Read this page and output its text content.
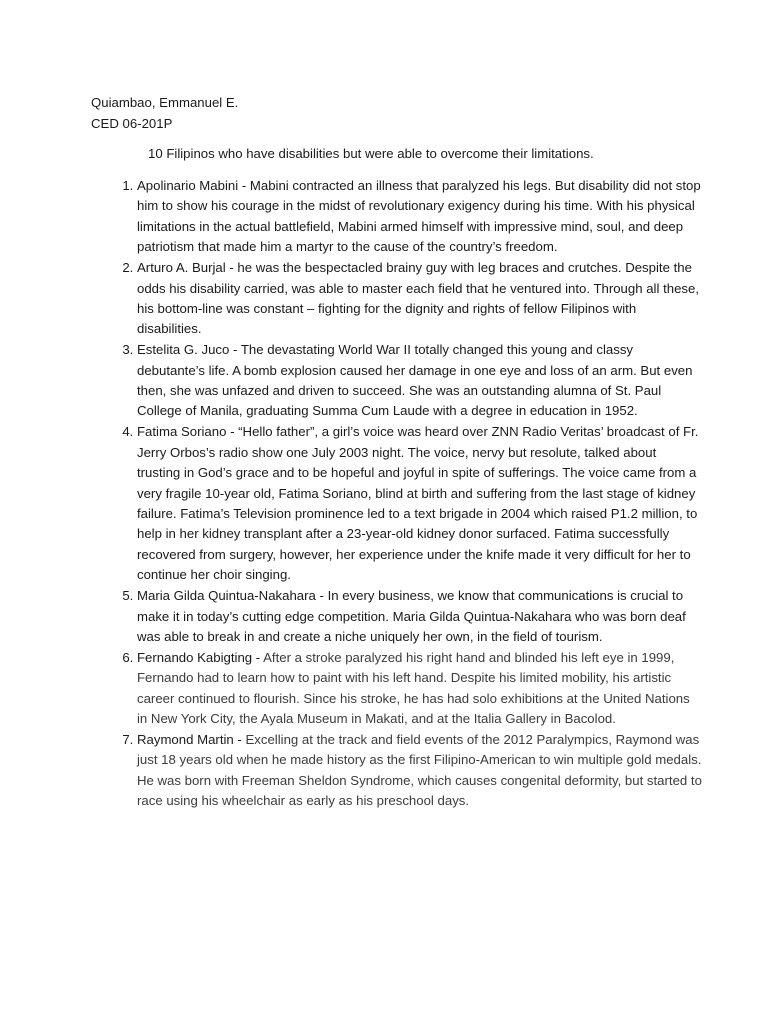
Quiambao, Emmanuel E.
CED 06-201P
10 Filipinos who have disabilities but were able to overcome their limitations.
1. Apolinario Mabini - Mabini contracted an illness that paralyzed his legs. But disability did not stop him to show his courage in the midst of revolutionary exigency during his time. With his physical limitations in the actual battlefield, Mabini armed himself with impressive mind, soul, and deep patriotism that made him a martyr to the cause of the country’s freedom.
2. Arturo A. Burjal - he was the bespectacled brainy guy with leg braces and crutches. Despite the odds his disability carried, was able to master each field that he ventured into. Through all these, his bottom-line was constant – fighting for the dignity and rights of fellow Filipinos with disabilities.
3. Estelita G. Juco - The devastating World War II totally changed this young and classy debutante’s life. A bomb explosion caused her damage in one eye and loss of an arm. But even then, she was unfazed and driven to succeed. She was an outstanding alumna of St. Paul College of Manila, graduating Summa Cum Laude with a degree in education in 1952.
4. Fatima Soriano - “Hello father”, a girl’s voice was heard over ZNN Radio Veritas’ broadcast of Fr. Jerry Orbos’s radio show one July 2003 night. The voice, nervy but resolute, talked about trusting in God’s grace and to be hopeful and joyful in spite of sufferings. The voice came from a very fragile 10-year old, Fatima Soriano, blind at birth and suffering from the last stage of kidney failure. Fatima’s Television prominence led to a text brigade in 2004 which raised P1.2 million, to help in her kidney transplant after a 23-year-old kidney donor surfaced. Fatima successfully recovered from surgery, however, her experience under the knife made it very difficult for her to continue her choir singing.
5. Maria Gilda Quintua-Nakahara - In every business, we know that communications is crucial to make it in today’s cutting edge competition. Maria Gilda Quintua-Nakahara who was born deaf was able to break in and create a niche uniquely her own, in the field of tourism.
6. Fernando Kabigting - After a stroke paralyzed his right hand and blinded his left eye in 1999, Fernando had to learn how to paint with his left hand. Despite his limited mobility, his artistic career continued to flourish. Since his stroke, he has had solo exhibitions at the United Nations in New York City, the Ayala Museum in Makati, and at the Italia Gallery in Bacolod.
7. Raymond Martin - Excelling at the track and field events of the 2012 Paralympics, Raymond was just 18 years old when he made history as the first Filipino-American to win multiple gold medals. He was born with Freeman Sheldon Syndrome, which causes congenital deformity, but started to race using his wheelchair as early as his preschool days.
